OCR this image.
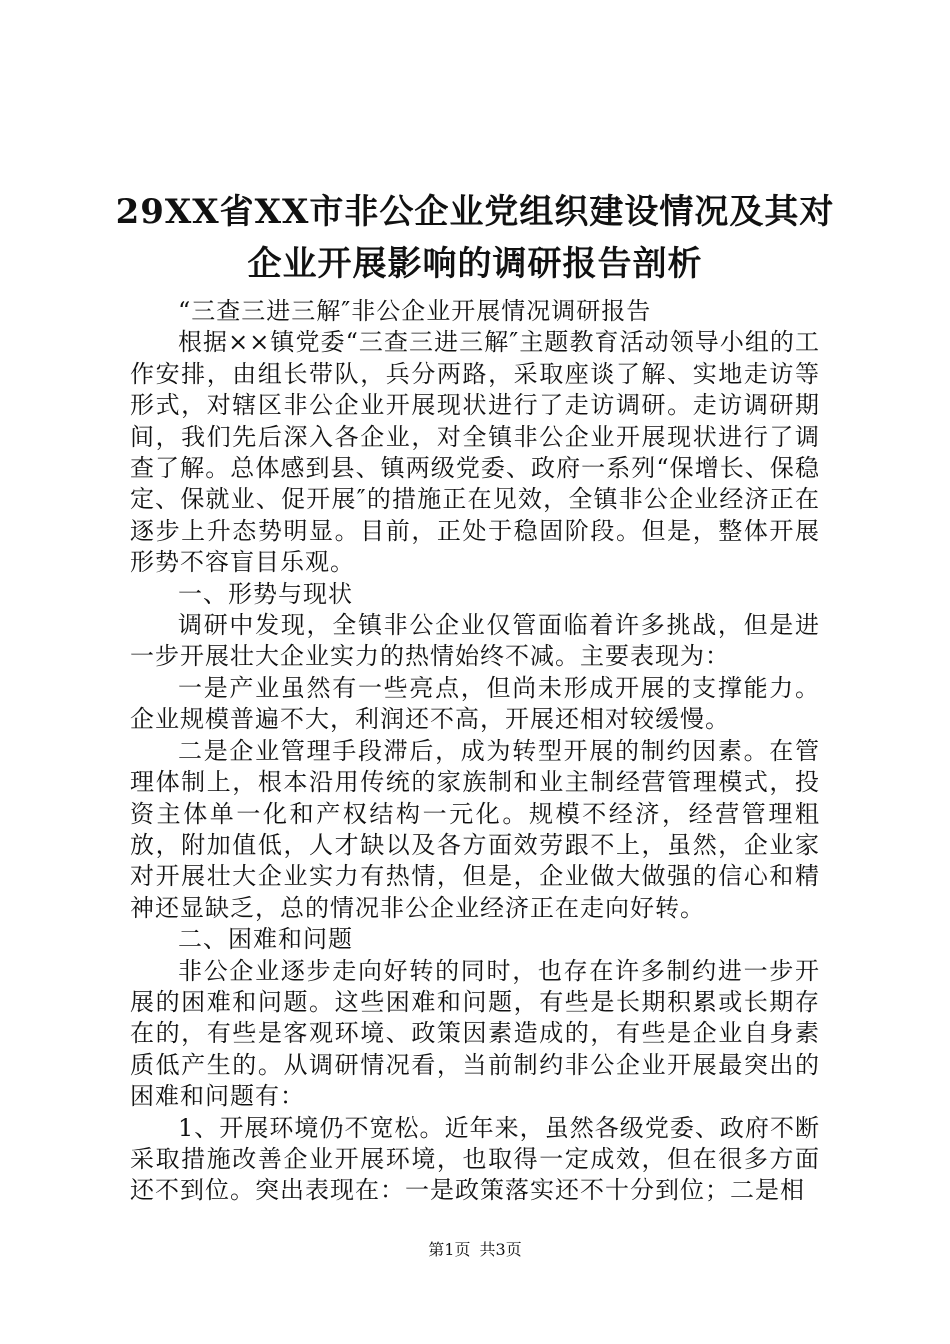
29XX省XX市非公企业党组织建设情况及其对
企业开展影响的调研报告剖析

“三查三进三解″非公企业开展情况调研报告

根据××镇党委“三查三进三解″主题教育活动领导小组的工作安排，由组长带队，兵分两路，采取座谈了解、实地走访等形式，对辖区非公企业开展现状进行了走访调研。走访调研期间，我们先后深入各企业，对全镇非公企业开展现状进行了调查了解。总体感到县、镇两级党委、政府一系列“保增长、保稳定、保就业、促开展″的措施正在见效，全镇非公企业经济正在逐步上升态势明显。目前，正处于稳固阶段。但是，整体开展形势不容盲目乐观。

一、形势与现状

调研中发现，全镇非公企业仅管面临着许多挑战，但是进一步开展壮大企业实力的热情始终不减。主要表现为：

一是产业虽然有一些亮点，但尚未形成开展的支撑能力。企业规模普遍不大，利润还不高，开展还相对较缓慢。

二是企业管理手段滞后，成为转型开展的制约因素。在管理体制上，根本沿用传统的家族制和业主制经营管理模式，投资主体单一化和产权结构一元化。规模不经济，经营管理粗放，附加值低，人才缺以及各方面效劳跟不上，虽然，企业家对开展壮大企业实力有热情，但是，企业做大做强的信心和精神还显缺乏，总的情况非公企业经济正在走向好转。

二、困难和问题

非公企业逐步走向好转的同时，也存在许多制约进一步开展的困难和问题。这些困难和问题，有些是长期积累或长期存在的，有些是客观环境、政策因素造成的，有些是企业自身素质低产生的。从调研情况看，当前制约非公企业开展最突出的困难和问题有：

1、开展环境仍不宽松。近年来，虽然各级党委、政府不断采取措施改善企业开展环境，也取得一定成效，但在很多方面还不到位。突出表现在：一是政策落实还不十分到位；二是相

第1页 共3页
